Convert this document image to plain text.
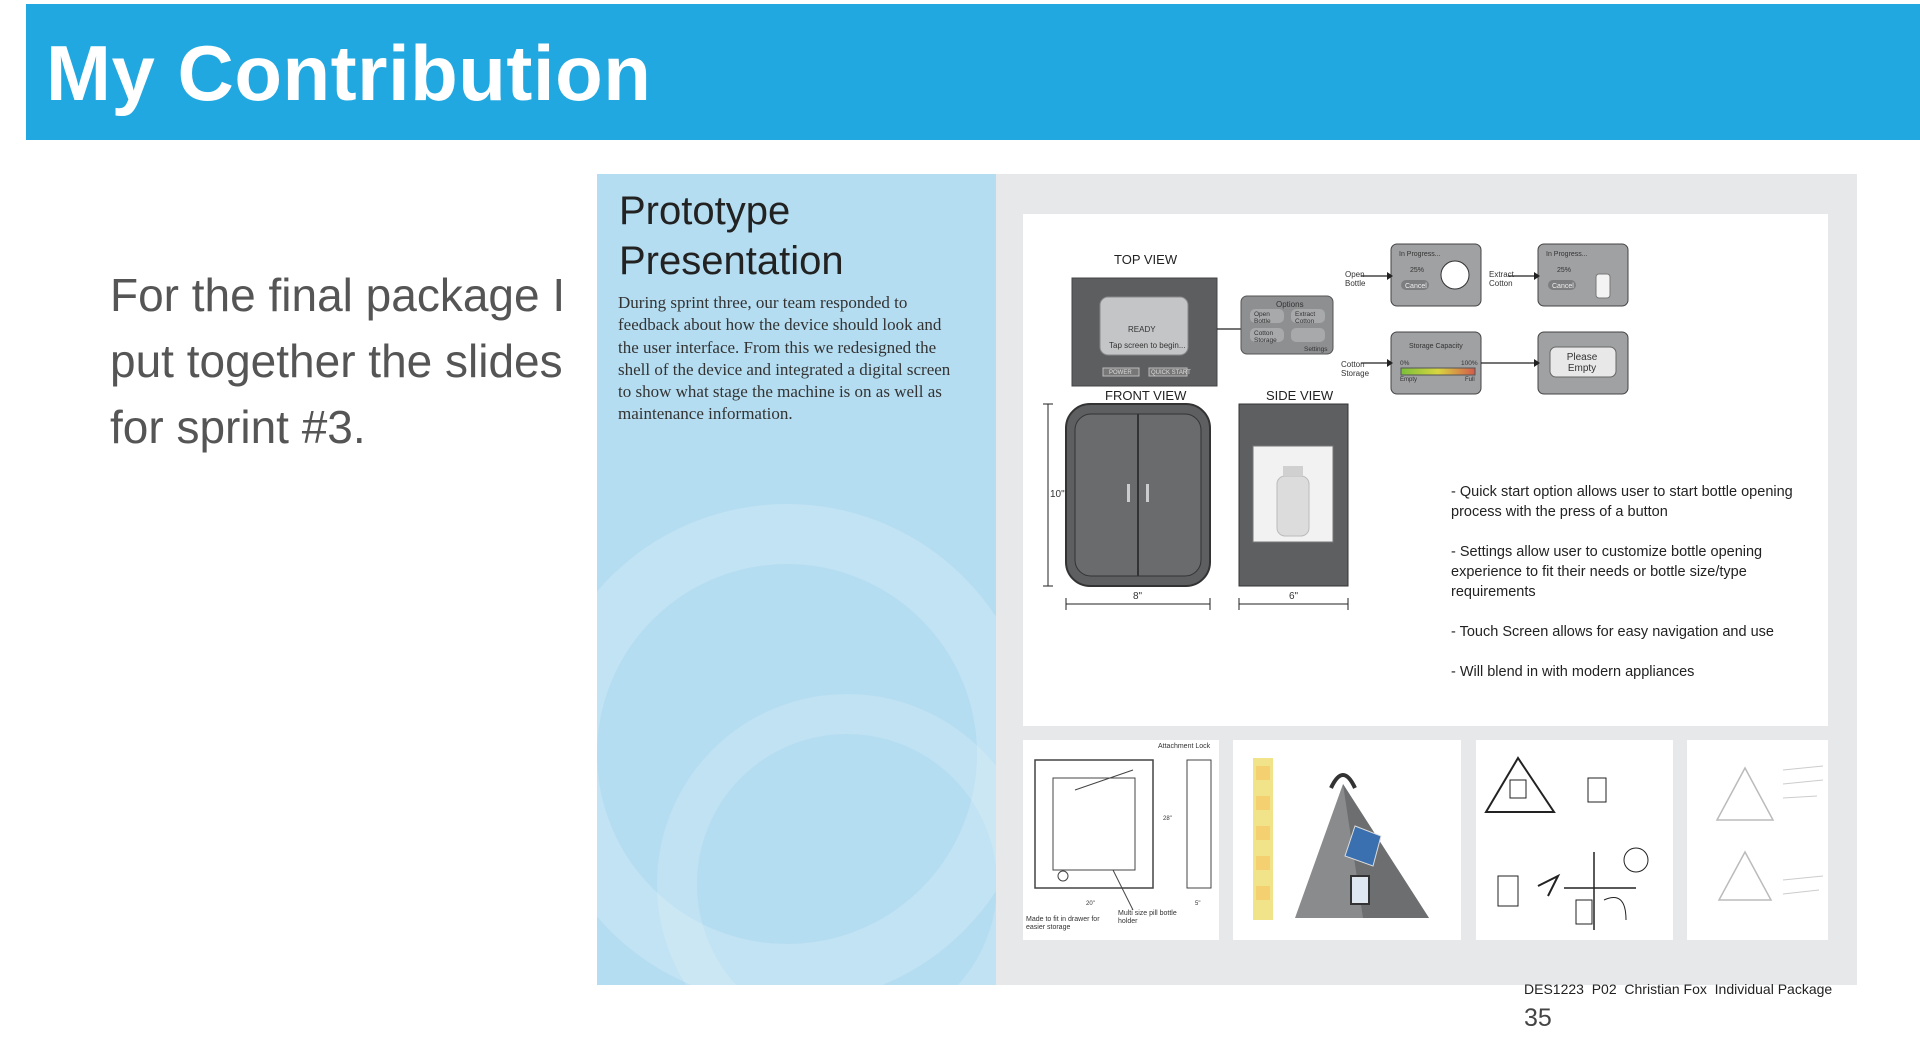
My Contribution
For the final package I put together the slides for sprint #3.
Prototype Presentation
During sprint three, our team responded to feedback about how the device should look and the user interface. From this we redesigned the shell of the device and integrated a digital screen to show what stage the machine is on as well as maintenance information.
TOP VIEW
READY
Tap screen to begin...
POWER	QUICK START
Options
Open Bottle
Extract Cotton
Cotton Storage
Settings
Open Bottle
Extract Cotton
Cotton Storage
In Progress...
25%
Cancel
In Progress...
25%
Cancel
Storage Capacity
0%	100%
Empty	Full
Please Empty
FRONT VIEW	SIDE VIEW
10"
8"	6"

- Quick start option allows user to start bottle opening process with the press of a button

- Settings allow user to customize bottle opening experience to fit their needs or bottle size/type requirements

- Touch Screen allows for easy navigation and use

- Will blend in with modern appliances

Attachment Lock
Made to fit in drawer for easier storage
Multi size pill bottle holder
20"
28"
5"
DES1223  P02  Christian Fox  Individual Package
35
